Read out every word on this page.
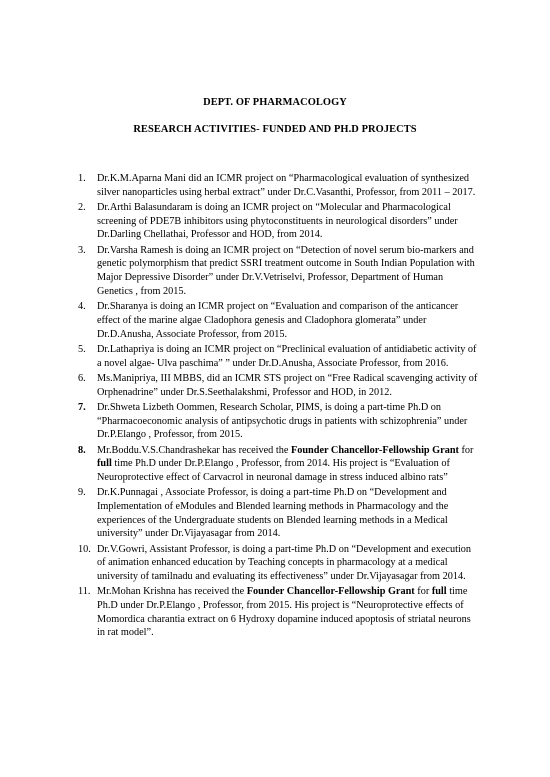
DEPT. OF PHARMACOLOGY
RESEARCH ACTIVITIES- FUNDED AND PH.D PROJECTS
1.	Dr.K.M.Aparna Mani did an ICMR project on “Pharmacological evaluation of synthesized silver nanoparticles using herbal extract” under Dr.C.Vasanthi, Professor, from 2011 – 2017.
2.	Dr.Arthi Balasundaram is doing an ICMR project on “Molecular and Pharmacological screening of PDE7B inhibitors using phytoconstituents in neurological disorders” under Dr.Darling Chellathai, Professor and HOD, from 2014.
3.	Dr.Varsha Ramesh is doing an ICMR project on “Detection of novel serum bio-markers and genetic polymorphism that predict SSRI treatment outcome in South Indian Population with Major Depressive Disorder” under Dr.V.Vetriselvi, Professor, Department of Human Genetics , from 2015.
4.	Dr.Sharanya is doing an ICMR project on “Evaluation and comparison of the anticancer effect of the marine algae Cladophora genesis and Cladophora glomerata” under Dr.D.Anusha, Associate Professor, from 2015.
5.	Dr.Lathapriya is doing an ICMR project on “Preclinical evaluation of antidiabetic activity of a novel algae- Ulva paschima” ” under Dr.D.Anusha, Associate Professor, from 2016.
6.	Ms.Manipriya, III MBBS, did an ICMR STS project on “Free Radical scavenging activity of Orphenadrine” under Dr.S.Seethalakshmi, Professor and HOD, in 2012.
7.	Dr.Shweta Lizbeth Oommen, Research Scholar, PIMS, is doing a part-time Ph.D on “Pharmacoeconomic analysis of antipsychotic drugs in patients with schizophrenia” under Dr.P.Elango , Professor, from 2015.
8.	Mr.Boddu.V.S.Chandrashekar has received the Founder Chancellor-Fellowship Grant for full time Ph.D under Dr.P.Elango , Professor, from 2014. His project is “Evaluation of Neuroprotective effect of Carvacrol in neuronal damage in stress induced albino rats”
9.	Dr.K.Punnagai , Associate Professor, is doing a part-time Ph.D on “Development and Implementation of eModules and Blended learning methods in Pharmacology and the experiences of the Undergraduate students on Blended learning methods in a Medical university” under Dr.Vijayasagar from 2014.
10. Dr.V.Gowri, Assistant Professor, is doing a part-time Ph.D on “Development and execution of animation enhanced education by Teaching concepts in pharmacology at a medical university of tamilnadu and evaluating its effectiveness” under Dr.Vijayasagar from 2014.
11. Mr.Mohan Krishna has received the Founder Chancellor-Fellowship Grant for full time Ph.D under Dr.P.Elango , Professor, from 2015. His project is “Neuroprotective effects of Momordica charantia extract on 6 Hydroxy dopamine induced apoptosis of striatal neurons in rat model”.
